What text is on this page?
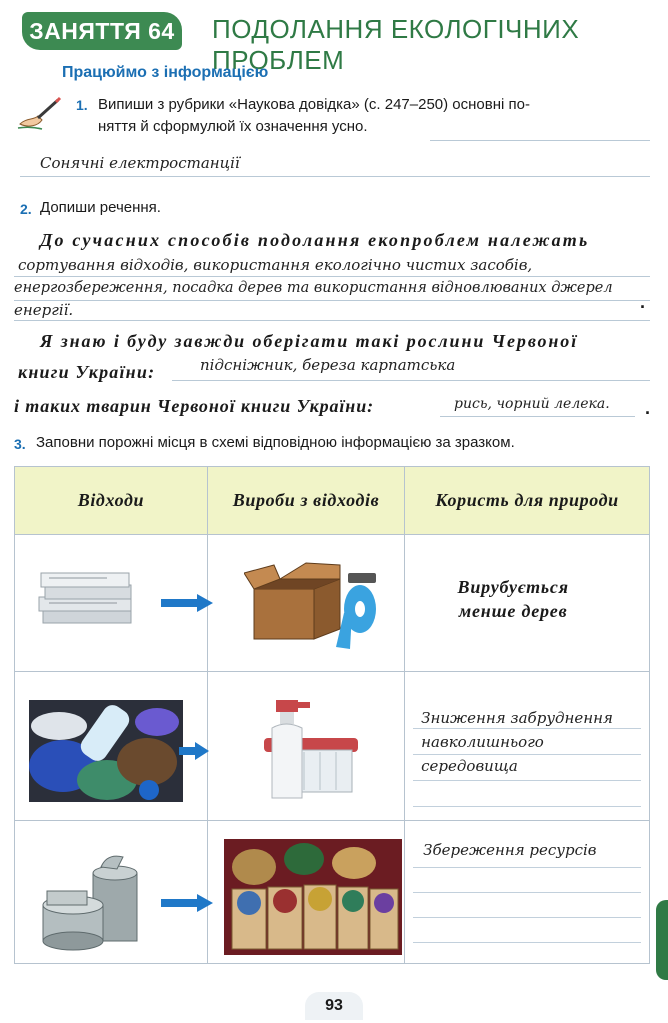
ЗАНЯТТЯ 64 ПОДОЛАННЯ ЕКОЛОГІЧНИХ ПРОБЛЕМ
Працюймо з інформацією
1. Випиши з рубрики «Наукова довідка» (с. 247–250) основні по-
няття й сформулюй їх означення усно.
Сонячні електростанції
2. Допиши речення.
До сучасних способів подолання екопроблем належать
сортування відходів, використання екологічно чистих засобів,
енергозбереження, посадка дерев та використання відновлюваних джерел
енергії.	.
Я знаю і буду завжди оберігати такі рослини Червоної
книги України:	підсніжник, береза карпатська
і таких тварин Червоної книги України:	рись, чорний лелека. .
3. Заповни порожні місця в схемі відповідною інформацією за зразком.
Відходи	Вироби з відходів	Користь для природи

Вирубується менше дерев

Зниження забруднення навколишнього середовища

Збереження ресурсів
93
